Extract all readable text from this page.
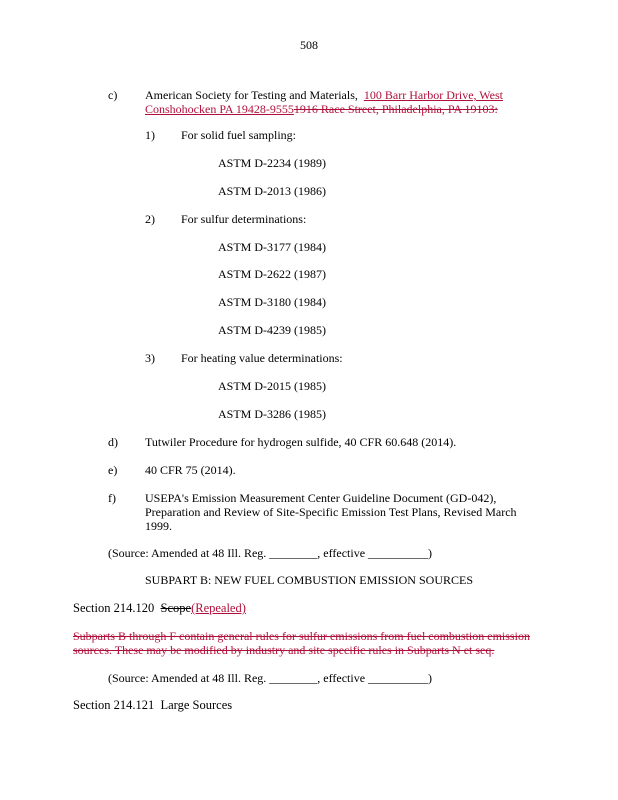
508
c) American Society for Testing and Materials, 100 Barr Harbor Drive, West
Conshohocken PA 19428-95551916 Race Street, Philadelphia, PA 19103:
1) For solid fuel sampling:
ASTM D-2234 (1989)
ASTM D-2013 (1986)
2) For sulfur determinations:
ASTM D-3177 (1984)
ASTM D-2622 (1987)
ASTM D-3180 (1984)
ASTM D-4239 (1985)
3) For heating value determinations:
ASTM D-2015 (1985)
ASTM D-3286 (1985)
d) Tutwiler Procedure for hydrogen sulfide, 40 CFR 60.648 (2014).
e) 40 CFR 75 (2014).
f) USEPA's Emission Measurement Center Guideline Document (GD-042),
Preparation and Review of Site-Specific Emission Test Plans, Revised March
1999.
(Source: Amended at 48 Ill. Reg. ________, effective __________)
SUBPART B: NEW FUEL COMBUSTION EMISSION SOURCES
Section 214.120 Scope(Repealed)
Subparts B through F contain general rules for sulfur emissions from fuel combustion emission
sources. These may be modified by industry and site specific rules in Subparts N et seq.
(Source: Amended at 48 Ill. Reg. ________, effective __________)
Section 214.121 Large Sources
